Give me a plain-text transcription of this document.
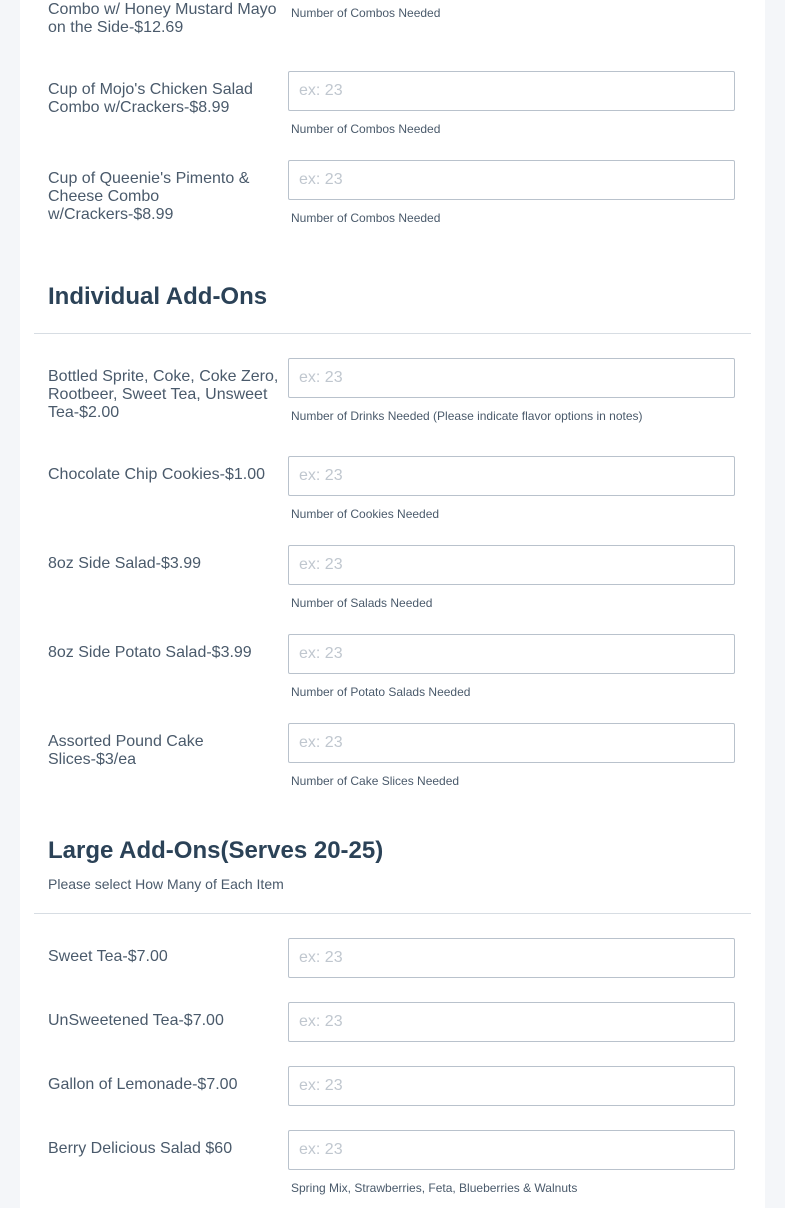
Combo w/ Honey Mustard Mayo on the Side-$12.69
Number of Combos Needed
Cup of Mojo's Chicken Salad Combo w/Crackers-$8.99
ex: 23
Number of Combos Needed
Cup of Queenie's Pimento & Cheese Combo w/Crackers-$8.99
ex: 23	Number of Combos Needed
Individual Add-Ons
Bottled Sprite, Coke, Coke Zero, Rootbeer, Sweet Tea, Unsweet Tea-$2.00
ex: 23	Number of Drinks Needed (Please indicate flavor options in notes)
Chocolate Chip Cookies-$1.00
ex: 23
Number of Cookies Needed
8oz Side Salad-$3.99
ex: 23
Number of Salads Needed
8oz Side Potato Salad-$3.99
ex: 23
Number of Potato Salads Needed
Assorted Pound Cake Slices-$3/ea
ex: 23
Number of Cake Slices Needed
Large Add-Ons(Serves 20-25)
Please select How Many of Each Item
Sweet Tea-$7.00
ex: 23
UnSweetened Tea-$7.00
ex: 23
Gallon of Lemonade-$7.00
ex: 23
Berry Delicious Salad $60
ex: 23
Spring Mix, Strawberries, Feta, Blueberries & Walnuts
